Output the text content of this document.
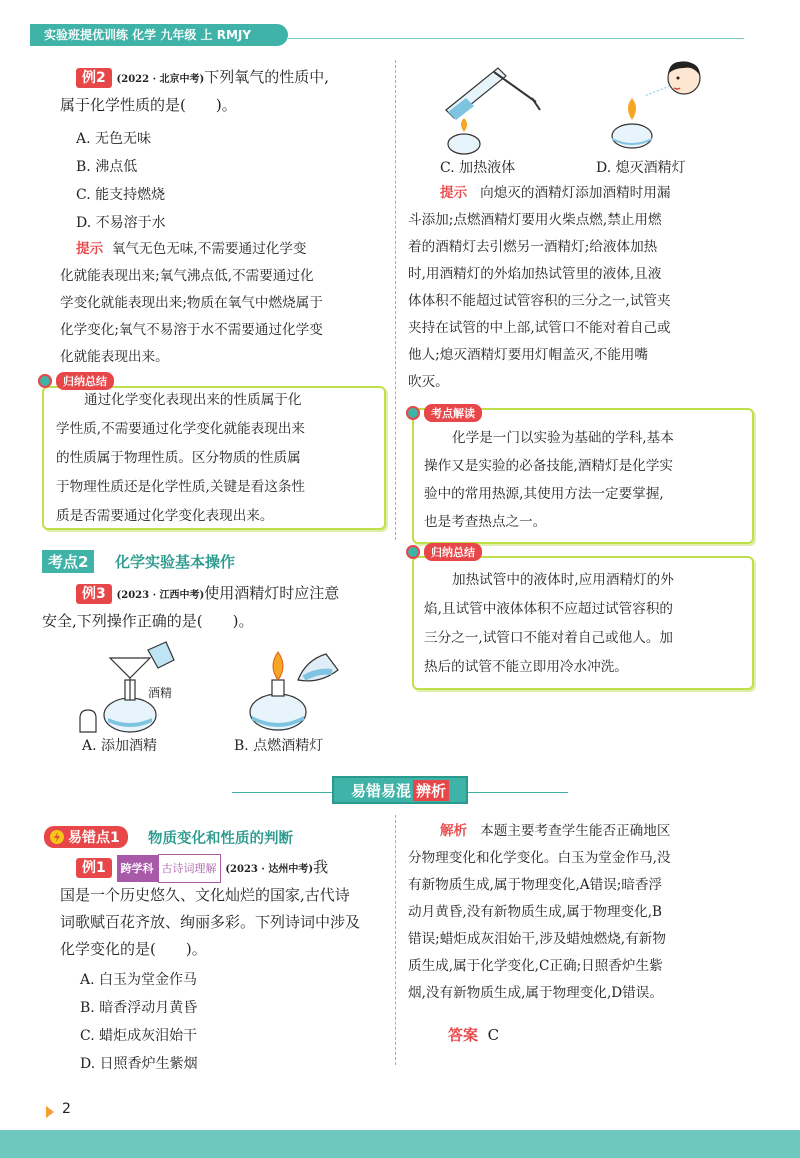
实验班提优训练 化学 九年级 上 RMJY
例2 (2022 · 北京中考)下列氧气的性质中,
属于化学性质的是(　　)。
A. 无色无味
B. 沸点低
C. 能支持燃烧
D. 不易溶于水
提示 氧气无色无味,不需要通过化学变
化就能表现出来;氧气沸点低,不需要通过化
学变化就能表现出来;物质在氧气中燃烧属于
化学变化;氧气不易溶于水不需要通过化学变
化就能表现出来。
归纳总结
通过化学变化表现出来的性质属于化
学性质,不需要通过化学变化就能表现出来
的性质属于物理性质。区分物质的性质属
于物理性质还是化学性质,关键是看这条性
质是否需要通过化学变化表现出来。
考点2	化学实验基本操作
例3 (2023 · 江西中考)使用酒精灯时应注意
安全,下列操作正确的是(　　)。
酒精
A. 添加酒精	B. 点燃酒精灯
C. 加热液体	D. 熄灭酒精灯
提示 向熄灭的酒精灯添加酒精时用漏
斗添加;点燃酒精灯要用火柴点燃,禁止用燃
着的酒精灯去引燃另一酒精灯;给液体加热
时,用酒精灯的外焰加热试管里的液体,且液
体体积不能超过试管容积的三分之一,试管夹
夹持在试管的中上部,试管口不能对着自己或
他人;熄灭酒精灯要用灯帽盖灭,不能用嘴
吹灭。
考点解读
化学是一门以实验为基础的学科,基本
操作又是实验的必备技能,酒精灯是化学实
验中的常用热源,其使用方法一定要掌握,
也是考查热点之一。
归纳总结
加热试管中的液体时,应用酒精灯的外
焰,且试管中液体体积不应超过试管容积的
三分之一,试管口不能对着自己或他人。加
热后的试管不能立即用冷水冲洗。
易错易混 辨析
易错点1 物质变化和性质的判断
例1 跨学科 古诗词理解 (2023 · 达州中考)我
国是一个历史悠久、文化灿烂的国家,古代诗
词歌赋百花齐放、绚丽多彩。下列诗词中涉及
化学变化的是(　　)。
A. 白玉为堂金作马
B. 暗香浮动月黄昏
C. 蜡炬成灰泪始干
D. 日照香炉生紫烟
解析 本题主要考查学生能否正确地区
分物理变化和化学变化。白玉为堂金作马,没
有新物质生成,属于物理变化,A错误;暗香浮
动月黄昏,没有新物质生成,属于物理变化,B
错误;蜡炬成灰泪始干,涉及蜡烛燃烧,有新物
质生成,属于化学变化,C正确;日照香炉生紫
烟,没有新物质生成,属于物理变化,D错误。
答案 C
2
